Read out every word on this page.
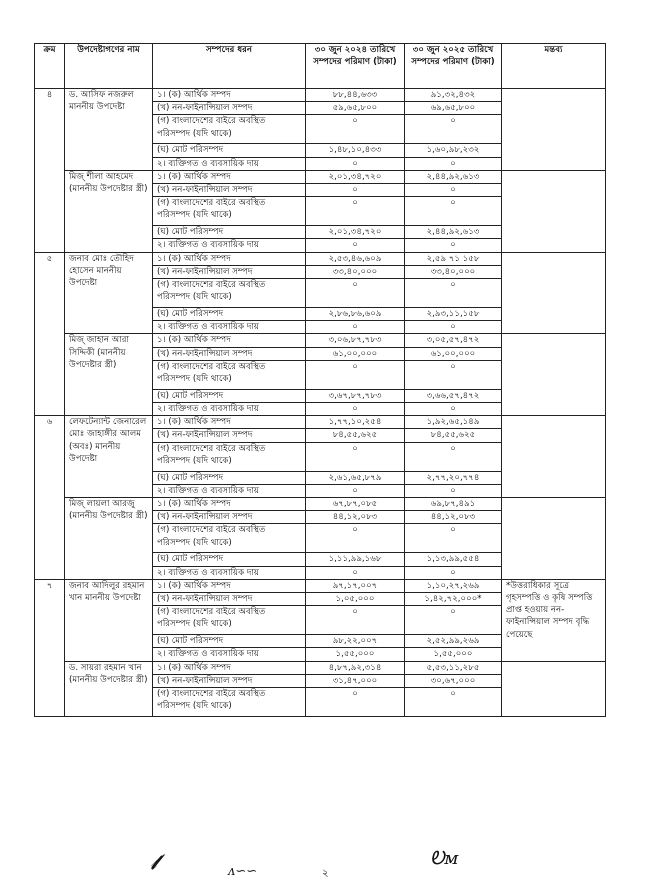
ক্রম	উপদেষ্টাগণের নাম	সম্পদের ধরন	৩০ জুন ২০২৪ তারিখে সম্পদের পরিমাণ (টাকা)	৩০ জুন ২০২৫ তারিখে সম্পদের পরিমাণ (টাকা)	মন্তব্য
৪	ড. আসিফ নজরুল মাননীয় উপদেষ্টা	১। (ক) আর্থিক সম্পদ	৮৮,৪৪,৬৩৩	৯১,৩২,৪৩২	
		(খ) নন-ফাইনান্সিয়াল সম্পদ	৫৯,৬৫,৮০০	৬৯,৬৫,৮০০	
		(গ) বাংলাদেশের বাইরে অবস্থিত পরিসম্পদ (যদি থাকে)	০	০	
		(ঘ) মোট পরিসম্পদ	১,৪৮,১০,৪৩৩	১,৬০,৯৮,২৩২	
		২। ব্যক্তিগত ও ব্যবসায়িক দায়	০	০	
	মিজ্ শীলা আহমেদ (মাননীয় উপদেষ্টার স্ত্রী)	১। (ক) আর্থিক সম্পদ	২,০১,৩৪,৭২০	২,৪৪,৯২,৬১৩	
		(খ) নন-ফাইনান্সিয়াল সম্পদ	০	০	
		(গ) বাংলাদেশের বাইরে অবস্থিত পরিসম্পদ (যদি থাকে)	০	০	
		(ঘ) মোট পরিসম্পদ	২,০১,৩৪,৭২০	২,৪৪,৯২,৬১৩	
		২। ব্যক্তিগত ও ব্যবসায়িক দায়	০	০	
৫	জনাব মোঃ তৌহিদ হোসেন মাননীয় উপদেষ্টা	১। (ক) আর্থিক সম্পদ	২,৫৩,৪৬,৬০৯	২,৫৯ ৭১ ১৫৮	
		(খ) নন-ফাইনান্সিয়াল সম্পদ	৩৩,৪০,০০০	৩৩,৪০,০০০	
		(গ) বাংলাদেশের বাইরে অবস্থিত পরিসম্পদ (যদি থাকে)	০	০	
		(ঘ) মোট পরিসম্পদ	২,৮৬,৮৬,৬০৯	২,৯৩,১১,১৫৮	
		২। ব্যক্তিগত ও ব্যবসায়িক দায়	০	০	
	মিজ্ জাহান আরা সিদ্দিকী (মাননীয় উপদেষ্টার স্ত্রী)	১। (ক) আর্থিক সম্পদ	৩,০৬,৮৭,৭৮৩	৩,০৫,৫৭,৪৭২	
		(খ) নন-ফাইনান্সিয়াল সম্পদ	৬১,০০,০০০	৬১,০০,০০০	
		(গ) বাংলাদেশের বাইরে অবস্থিত পরিসম্পদ (যদি থাকে)	০	০	
		(ঘ) মোট পরিসম্পদ	৩,৬৭,৮৭,৭৮৩	৩,৬৬,৫৭,৪৭২	
		২। ব্যক্তিগত ও ব্যবসায়িক দায়	০	০	
৬	লেফটেন্যান্ট জেনারেল মোঃ জাহাঙ্গীর আলম (অবঃ) মাননীয় উপদেষ্টা	১। (ক) আর্থিক সম্পদ	১,৭৭,১০,২৫৪	১,৯২,৬৫,১৪৯	
		(খ) নন-ফাইনান্সিয়াল সম্পদ	৮৪,৫৫,৬২৫	৮৪,৫৫,৬২৫	
		(গ) বাংলাদেশের বাইরে অবস্থিত পরিসম্পদ (যদি থাকে)	০	০	
		(ঘ) মোট পরিসম্পদ	২,৬১,৬৫,৮৭৯	২,৭৭,২০,৭৭৪	
		২। ব্যক্তিগত ও ব্যবসায়িক দায়	০	০	
	মিজ্ লায়লা আরজু (মাননীয় উপদেষ্টার স্ত্রী)	১। (ক) আর্থিক সম্পদ	৬৭,৮৭,০৮৫	৬৯,৮৭,৪৯১	
		(খ) নন-ফাইনান্সিয়াল সম্পদ	৪৪,১২,০৮৩	৪৪,১২,০৮৩	
		(গ) বাংলাদেশের বাইরে অবস্থিত পরিসম্পদ (যদি থাকে)	০	০	
		(ঘ) মোট পরিসম্পদ	১,১১,৯৯,১৬৮	১,১৩,৯৯,৫৫৪	
		২। ব্যক্তিগত ও ব্যবসায়িক দায়	০	০	
৭	জনাব আদিলুর রহমান খান মাননীয় উপদেষ্টা	১। (ক) আর্থিক সম্পদ	৯৭,১৭,০০৭	১,১০,২৭,২৬৯	*উত্তরাধিকার সূত্রে গৃহসম্পত্তি ও কৃষি সম্পত্তি প্রাপ্ত হওয়ায় নন-ফাইনান্সিয়াল সম্পদ বৃদ্ধি পেয়েছে
		(খ) নন-ফাইনান্সিয়াল সম্পদ	১,০৫,০০০	১,৪২,৭২,০০০*	
		(গ) বাংলাদেশের বাইরে অবস্থিত পরিসম্পদ (যদি থাকে)	০	০	
		(ঘ) মোট পরিসম্পদ	৯৮,২২,০০৭	২,৫২,৯৯,২৬৯	
		২। ব্যক্তিগত ও ব্যবসায়িক দায়	১,৫৫,০০০	১,৫৫,০০০	
	ড. সায়রা রহমান খান (মাননীয় উপদেষ্টার স্ত্রী)	১। (ক) আর্থিক সম্পদ	৪,৮৭,৯২,৩১৪	৫,৫৩,১১,২৮৫	
		(খ) নন-ফাইনান্সিয়াল সম্পদ	৩১,৪৭,০০০	৩০,৬৭,০০০	
		(গ) বাংলাদেশের বাইরে অবস্থিত পরিসম্পদ (যদি থাকে)	০	০	
𝓁⁄	ᴧ∽∽	২
Ꭷᴍ
